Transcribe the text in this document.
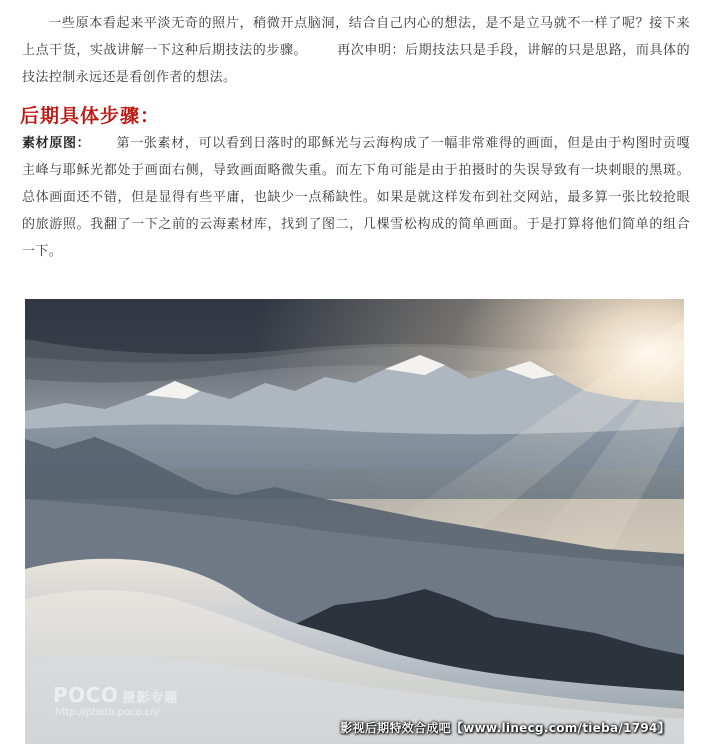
一些原本看起来平淡无奇的照片，稍微开点脑洞，结合自己内心的想法，是不是立马就不一样了呢？接下来上点干货，实战讲解一下这种后期技法的步骤。 再次申明：后期技法只是手段，讲解的只是思路，而具体的技法控制永远还是看创作者的想法。

后期具体步骤：

素材原图： 第一张素材，可以看到日落时的耶稣光与云海构成了一幅非常难得的画面，但是由于构图时贡嘎主峰与耶稣光都处于画面右侧，导致画面略微失重。而左下角可能是由于拍摄时的失误导致有一块刺眼的黑斑。总体画面还不错，但是显得有些平庸，也缺少一点稀缺性。如果是就这样发布到社交网站，最多算一张比较抢眼的旅游照。我翻了一下之前的云海素材库，找到了图二，几棵雪松构成的简单画面。于是打算将他们简单的组合一下。

POCO 摄影专题
http://photo.poco.cn/
影视后期特效合成吧【www.linecg.com/tieba/1794】
